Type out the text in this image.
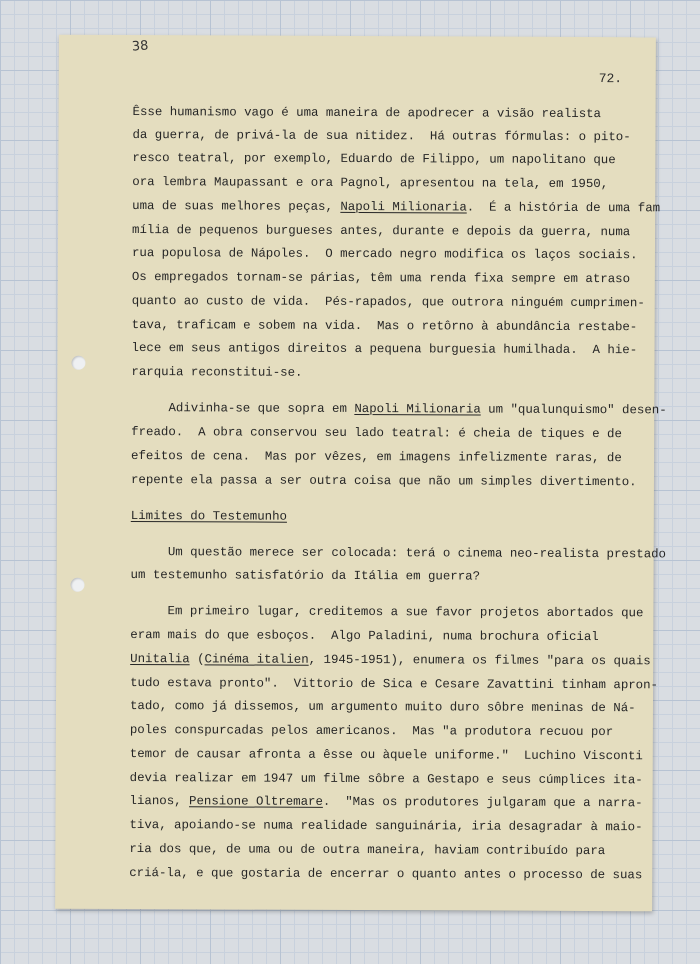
38
72.
Êsse humanismo vago é uma maneira de apodrecer a visão realista
da guerra, de privá-la de sua nitidez.  Há outras fórmulas: o pito-
resco teatral, por exemplo, Eduardo de Filippo, um napolitano que
ora lembra Maupassant e ora Pagnol, apresentou na tela, em 1950,
uma de suas melhores peças, Napoli Milionaria.  É a história de uma fam
mília de pequenos burgueses antes, durante e depois da guerra, numa
rua populosa de Nápoles.  O mercado negro modifica os laços sociais.
Os empregados tornam-se párias, têm uma renda fixa sempre em atraso
quanto ao custo de vida.  Pés-rapados, que outrora ninguém cumprimen-
tava, traficam e sobem na vida.  Mas o retôrno à abundância restabe-
lece em seus antigos direitos a pequena burguesia humilhada.  A hie-
rarquia reconstitui-se.
Adivinha-se que sopra em Napoli Milionaria um "qualunquismo" desen-
freado.  A obra conservou seu lado teatral: é cheia de tiques e de
efeitos de cena.  Mas por vêzes, em imagens infelizmente raras, de
repente ela passa a ser outra coisa que não um simples divertimento.
Limites do Testemunho
Um questão merece ser colocada: terá o cinema neo-realista prestado
um testemunho satisfatório da Itália em guerra?
Em primeiro lugar, creditemos a sue favor projetos abortados que
eram mais do que esboços.  Algo Paladini, numa brochura oficial
Unitalia (Cinéma italien, 1945-1951), enumera os filmes "para os quais
tudo estava pronto".  Vittorio de Sica e Cesare Zavattini tinham apron-
tado, como já dissemos, um argumento muito duro sôbre meninas de Ná-
poles conspurcadas pelos americanos.  Mas "a produtora recuou por
temor de causar afronta a êsse ou àquele uniforme."  Luchino Visconti
devia realizar em 1947 um filme sôbre a Gestapo e seus cúmplices ita-
lianos, Pensione Oltremare.  "Mas os produtores julgaram que a narra-
tiva, apoiando-se numa realidade sanguinária, iria desagradar à maio-
ria dos que, de uma ou de outra maneira, haviam contribuído para
criá-la, e que gostaria de encerrar o quanto antes o processo de suas
